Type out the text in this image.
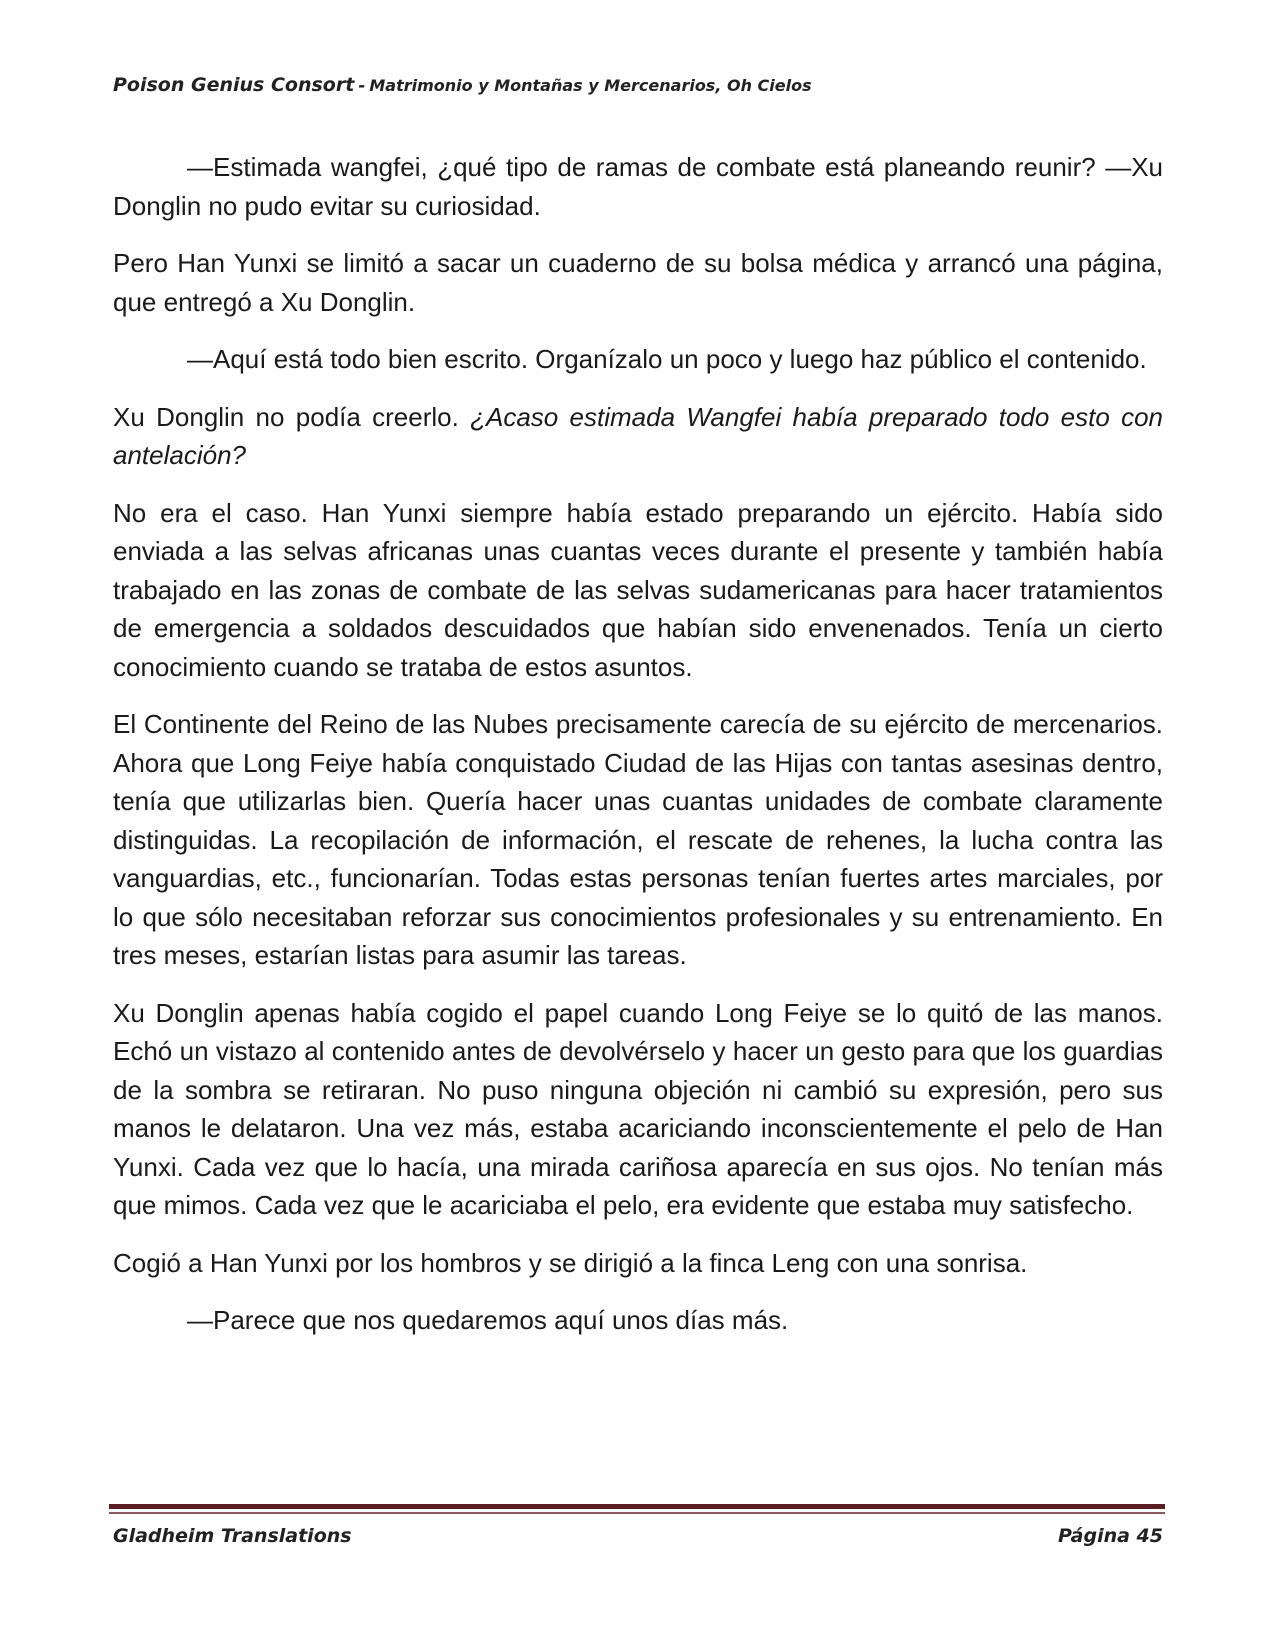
Poison Genius Consort - Matrimonio y Montañas y Mercenarios, Oh Cielos

—Estimada wangfei, ¿qué tipo de ramas de combate está planeando reunir? —Xu Donglin no pudo evitar su curiosidad.

Pero Han Yunxi se limitó a sacar un cuaderno de su bolsa médica y arrancó una página, que entregó a Xu Donglin.

—Aquí está todo bien escrito. Organízalo un poco y luego haz público el contenido.

Xu Donglin no podía creerlo. ¿Acaso estimada Wangfei había preparado todo esto con antelación?

No era el caso. Han Yunxi siempre había estado preparando un ejército. Había sido enviada a las selvas africanas unas cuantas veces durante el presente y también había trabajado en las zonas de combate de las selvas sudamericanas para hacer tratamientos de emergencia a soldados descuidados que habían sido envenenados. Tenía un cierto conocimiento cuando se trataba de estos asuntos.

El Continente del Reino de las Nubes precisamente carecía de su ejército de mercenarios. Ahora que Long Feiye había conquistado Ciudad de las Hijas con tantas asesinas dentro, tenía que utilizarlas bien. Quería hacer unas cuantas unidades de combate claramente distinguidas. La recopilación de información, el rescate de rehenes, la lucha contra las vanguardias, etc., funcionarían. Todas estas personas tenían fuertes artes marciales, por lo que sólo necesitaban reforzar sus conocimientos profesionales y su entrenamiento. En tres meses, estarían listas para asumir las tareas.

Xu Donglin apenas había cogido el papel cuando Long Feiye se lo quitó de las manos. Echó un vistazo al contenido antes de devolvérselo y hacer un gesto para que los guardias de la sombra se retiraran. No puso ninguna objeción ni cambió su expresión, pero sus manos le delataron. Una vez más, estaba acariciando inconscientemente el pelo de Han Yunxi. Cada vez que lo hacía, una mirada cariñosa aparecía en sus ojos. No tenían más que mimos. Cada vez que le acariciaba el pelo, era evidente que estaba muy satisfecho.

Cogió a Han Yunxi por los hombros y se dirigió a la finca Leng con una sonrisa.

—Parece que nos quedaremos aquí unos días más.

Gladheim Translations	Página 45
